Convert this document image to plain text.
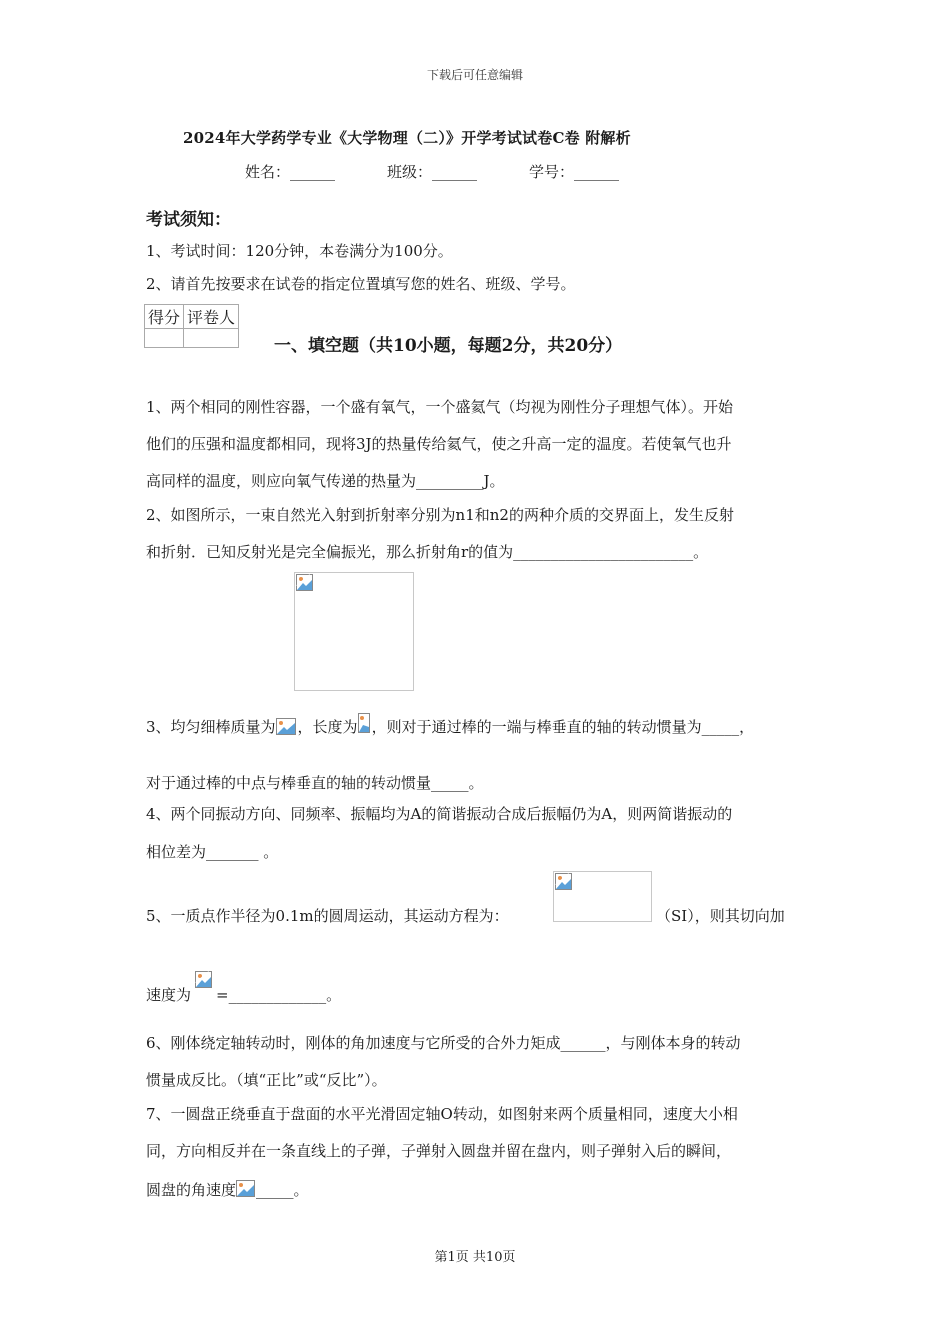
下载后可任意编辑
2024年大学药学专业《大学物理（二）》开学考试试卷C卷 附解析
姓名：______	班级：______	学号：______
考试须知：
1、考试时间：120分钟，本卷满分为100分。
2、请首先按要求在试卷的指定位置填写您的姓名、班级、学号。
得分	评卷人

一、填空题（共10小题，每题2分，共20分）
1、两个相同的刚性容器，一个盛有氧气，一个盛氦气（均视为刚性分子理想气体）。开始
他们的压强和温度都相同，现将3J的热量传给氦气，使之升高一定的温度。若使氧气也升
高同样的温度，则应向氧气传递的热量为_________J。
2、如图所示，一束自然光入射到折射率分别为n1和n2的两种介质的交界面上，发生反射
和折射．已知反射光是完全偏振光，那么折射角r的值为________________________。
3、均匀细棒质量为 ，长度为 ，则对于通过棒的一端与棒垂直的轴的转动惯量为_____，
对于通过棒的中点与棒垂直的轴的转动惯量_____。
4、两个同振动方向、同频率、振幅均为A的简谐振动合成后振幅仍为A，则两简谐振动的
相位差为_______ 。
5、一质点作半径为0.1m的圆周运动，其运动方程为：	（SI），则其切向加
速度为 =_____________。
6、刚体绕定轴转动时，刚体的角加速度与它所受的合外力矩成______，与刚体本身的转动
惯量成反比。（填“正比”或“反比”）。
7、一圆盘正绕垂直于盘面的水平光滑固定轴O转动，如图射来两个质量相同，速度大小相
同，方向相反并在一条直线上的子弹，子弹射入圆盘并留在盘内，则子弹射入后的瞬间，
圆盘的角速度 _____。
第1页 共10页
